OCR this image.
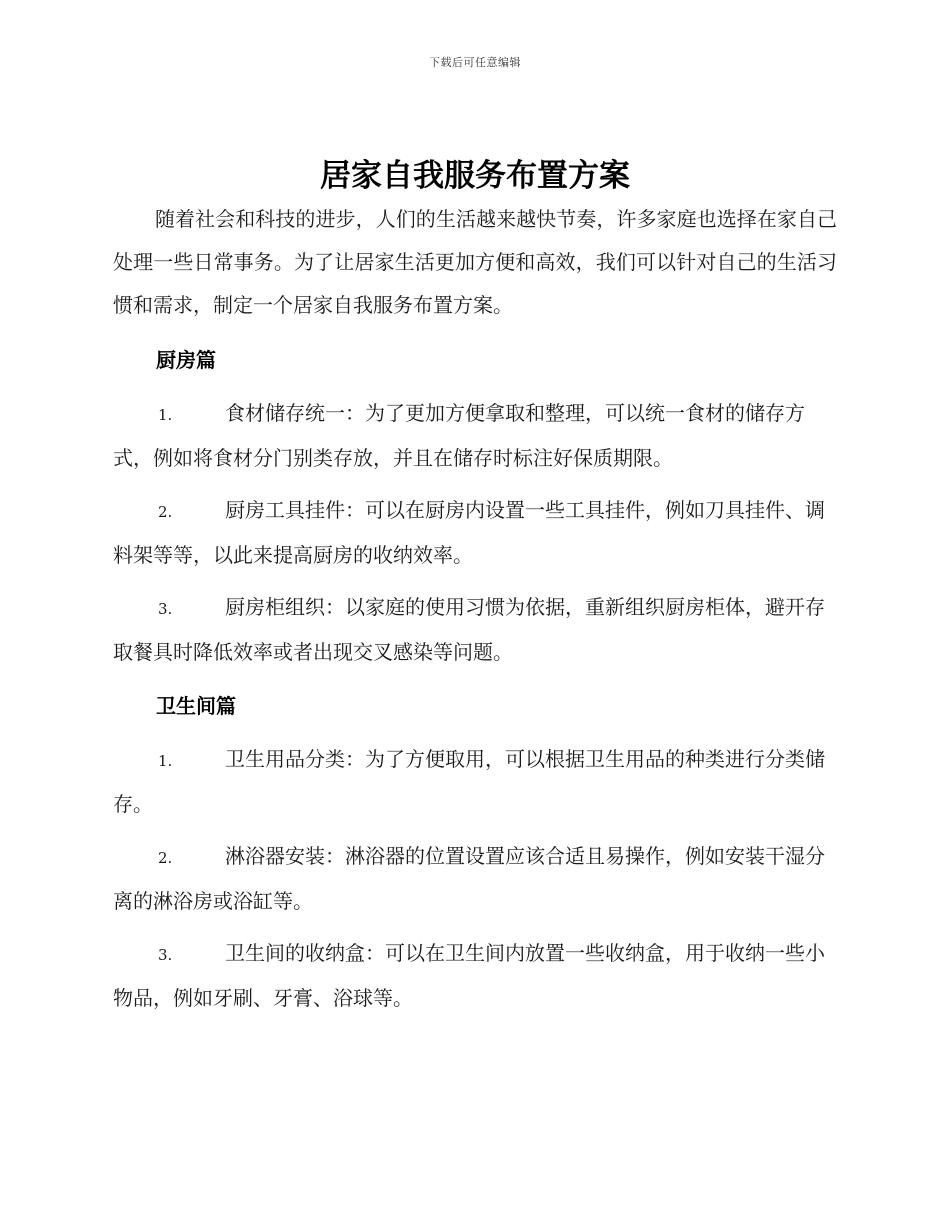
下载后可任意编辑
居家自我服务布置方案

随着社会和科技的进步，人们的生活越来越快节奏，许多家庭也选择在家自己处理一些日常事务。为了让居家生活更加方便和高效，我们可以针对自己的生活习惯和需求，制定一个居家自我服务布置方案。

厨房篇

1.	食材储存统一：为了更加方便拿取和整理，可以统一食材的储存方式，例如将食材分门别类存放，并且在储存时标注好保质期限。

2.	厨房工具挂件：可以在厨房内设置一些工具挂件，例如刀具挂件、调料架等等，以此来提高厨房的收纳效率。

3.	厨房柜组织：以家庭的使用习惯为依据，重新组织厨房柜体，避开存取餐具时降低效率或者出现交叉感染等问题。

卫生间篇

1.	卫生用品分类：为了方便取用，可以根据卫生用品的种类进行分类储存。

2.	淋浴器安装：淋浴器的位置设置应该合适且易操作，例如安装干湿分离的淋浴房或浴缸等。

3.	卫生间的收纳盒：可以在卫生间内放置一些收纳盒，用于收纳一些小物品，例如牙刷、牙膏、浴球等。
